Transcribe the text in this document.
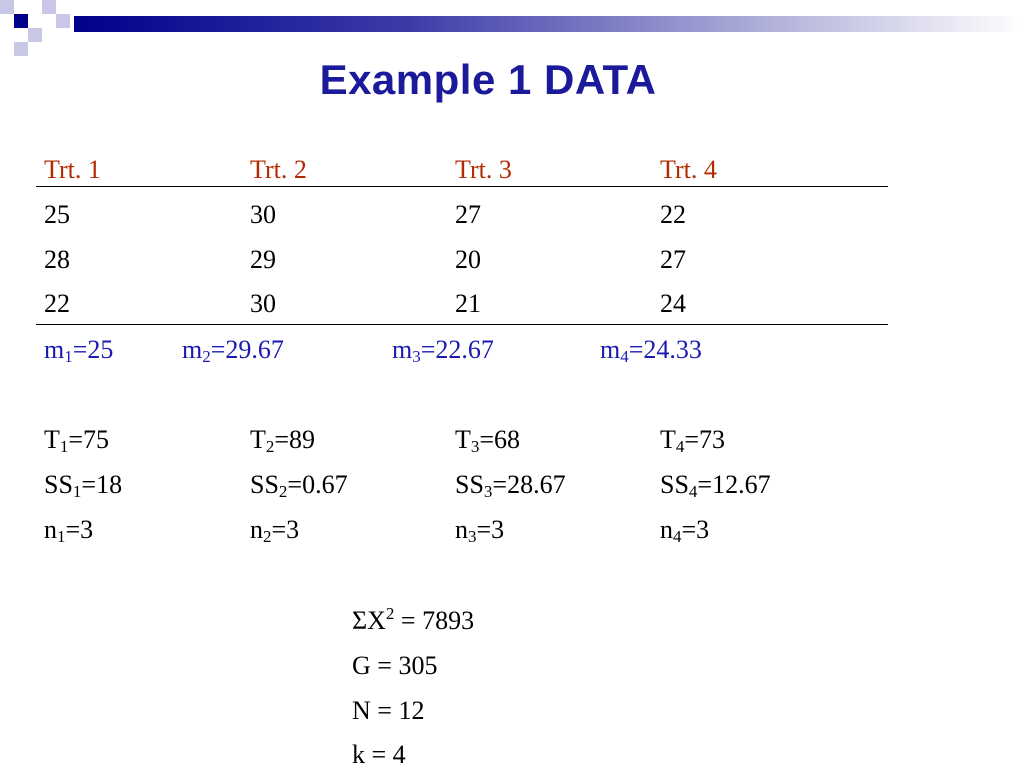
Example 1 DATA
Trt. 1	Trt. 2	Trt. 3	Trt. 4
25	30	27	22
28	29	20	27
22	30	21	24
$m_1=25$	$m_2=29.67$	$m_3=22.67$	$m_4=24.33$
$T_1=75$	$T_2=89$	$T_3=68$	$T_4=73$
$SS_1=18$	$SS_2=0.67$	$SS_3=28.67$	$SS_4=12.67$
$n_1=3$	$n_2=3$	$n_3=3$	$n_4=3$
$\Sigma X^2 = 7893$
G = 305
N = 12
k = 4
